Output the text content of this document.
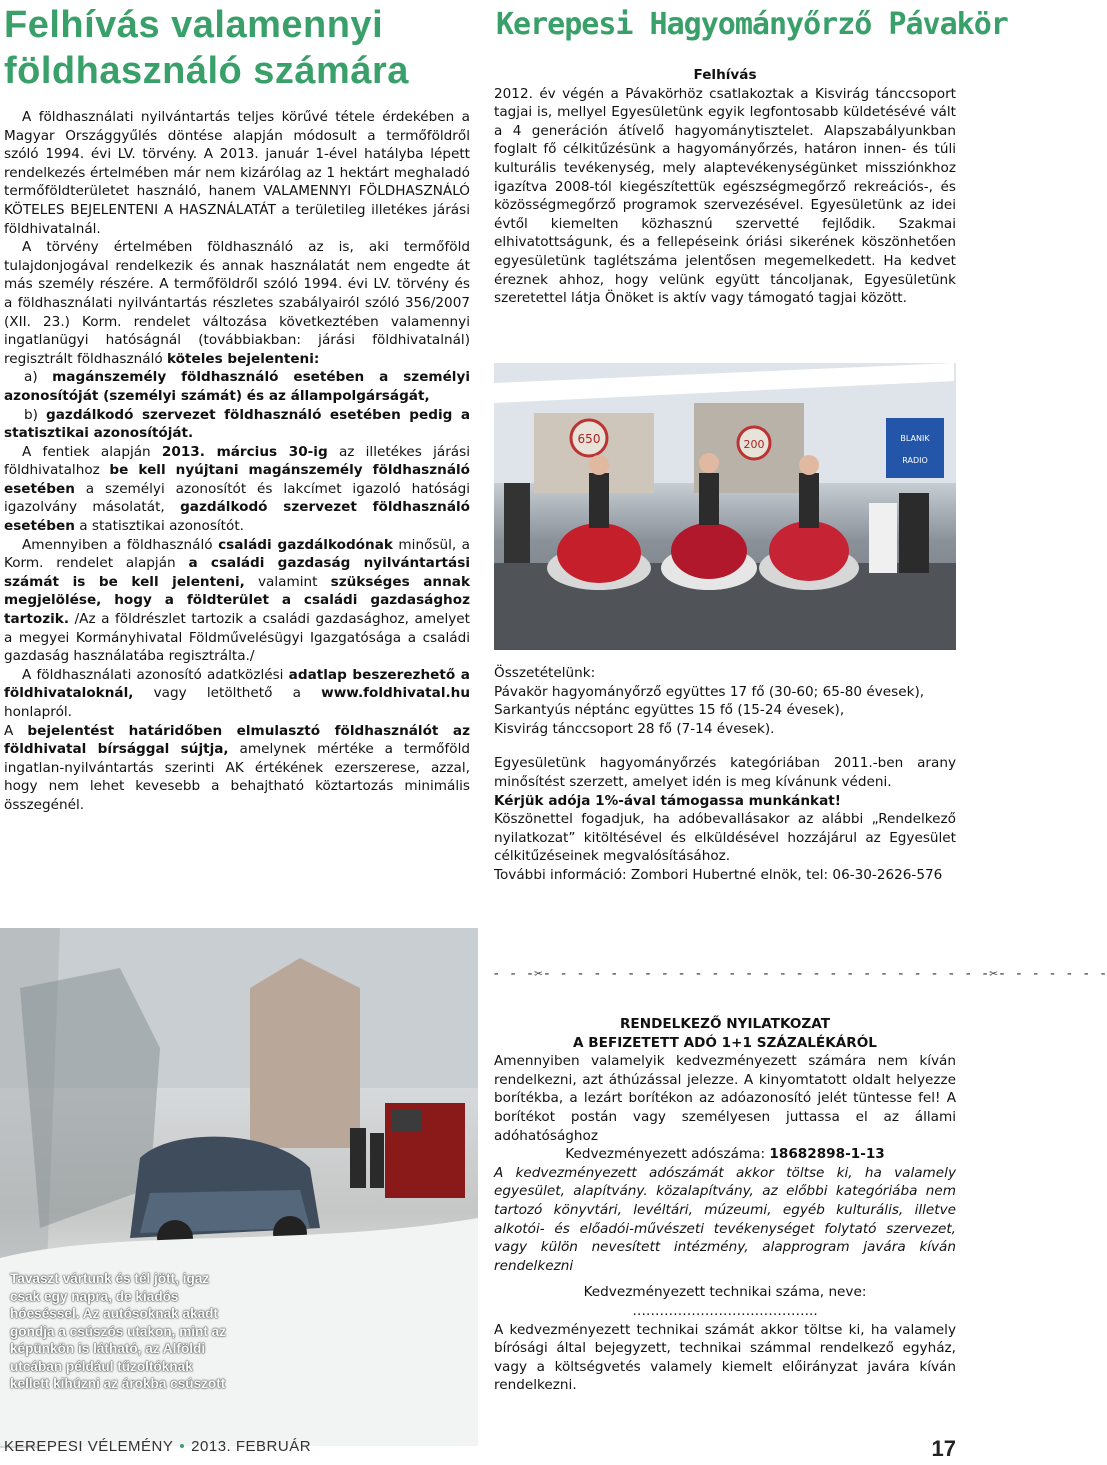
Felhívás valamennyi
földhasználó számára

A földhasználati nyilvántartás teljes körűvé tétele érdekében a Magyar Országgyűlés döntése alapján módosult a termőföldről szóló 1994. évi LV. törvény. A 2013. január 1-ével hatályba lépett rendelkezés értelmében már nem kizárólag az 1 hektárt meghaladó termőföldterületet használó, hanem VALAMENNYI FÖLDHASZNÁLÓ KÖTELES BEJELENTENI A HASZNÁLATÁT a területileg illetékes járási földhivatalnál.

A törvény értelmében földhasználó az is, aki termőföld tulajdonjogával rendelkezik és annak használatát nem engedte át más személy részére. A termőföldről szóló 1994. évi LV. törvény és a földhasználati nyilvántartás részletes szabályairól szóló 356/2007 (XII. 23.) Korm. rendelet változása következtében valamennyi ingatlanügyi hatóságnál (továbbiakban: járási földhivatalnál) regisztrált földhasználó köteles bejelenteni:

a) magánszemély földhasználó esetében a személyi azonosítóját (személyi számát) és az állampolgárságát,

b) gazdálkodó szervezet földhasználó esetében pedig a statisztikai azonosítóját.

A fentiek alapján 2013. március 30-ig az illetékes járási földhivatalhoz be kell nyújtani magánszemély földhasználó esetében a személyi azonosítót és lakcímet igazoló hatósági igazolvány másolatát, gazdálkodó szervezet földhasználó esetében a statisztikai azonosítót.

Amennyiben a földhasználó családi gazdálkodónak minősül, a Korm. rendelet alapján a családi gazdaság nyilvántartási számát is be kell jelenteni, valamint szükséges annak megjelölése, hogy a földterület a családi gazdasághoz tartozik. /Az a földrészlet tartozik a családi gazdasághoz, amelyet a megyei Kormányhivatal Földművelésügyi Igazgatósága a családi gazdaság használatába regisztrálta./

A földhasználati azonosító adatközlési adatlap beszerezhető a földhivataloknál, vagy letölthető a www.foldhivatal.hu honlapról.

A bejelentést határidőben elmulasztó földhasználót az földhivatal bírsággal sújtja, amelynek mértéke a termőföld ingatlan-nyilvántartás szerinti AK értékének ezerszerese, azzal, hogy nem lehet kevesebb a behajtható köztartozás minimális összegénél.

Tavaszt vártunk és tél jött, igaz csak egy napra, de kiadós hóeséssel. Az autósoknak akadt gondja a csúszós utakon, mint az képünkön is látható, az Alföldi utcában például tűzoltóknak kellett kihúzni az árokba csúszott
Kerepesi Hagyományőrző Pávakör

Felhívás

2012. év végén a Pávakörhöz csatlakoztak a Kisvirág tánccsoport tagjai is, mellyel Egyesületünk egyik legfontosabb küldetésévé vált a 4 generáción átívelő hagyománytisztelet. Alapszabályunkban foglalt fő célkitűzésünk a hagyományőrzés, határon innen- és túli kulturális tevékenység, mely alaptevékenységünket missziónkhoz igazítva 2008-tól kiegészítettük egészségmegőrző rekreációs-, és közösségmegőrző programok szervezésével. Egyesületünk az idei évtől kiemelten közhasznú szervetté fejlődik. Szakmai elhivatottságunk, és a fellepéseink óriási sikerének köszönhetően egyesületünk taglétszáma jelentősen megemelkedett. Ha kedvet éreznek ahhoz, hogy velünk együtt táncoljanak, Egyesületünk szeretettel látja Önöket is aktív vagy támogató tagjai között.

650	200	BLANIK
RADIO

Összetételünk:

Pávakör hagyományőrző együttes 17 fő (30-60; 65-80 évesek),

Sarkantyús néptánc együttes 15 fő (15-24 évesek),

Kisvirág tánccsoport 28 fő (7-14 évesek).

Egyesületünk hagyományőrzés kategóriában 2011.-ben arany minősítést szerzett, amelyet idén is meg kívánunk védeni.

Kérjük adója 1%-ával támogassa munkánkat!

Köszönettel fogadjuk, ha adóbevallásakor az alábbi „Rendelkező nyilatkozat” kitöltésével és elküldésével hozzájárul az Egyesület célkitűzéseinek megvalósításához.

További információ: Zombori Hubertné elnök, tel: 06-30-2626-576

- - -✂- - - - - - - - - - - - - - - - - - - - - - - - - - -✂- - - - - - -

RENDELKEZŐ NYILATKOZAT

A BEFIZETETT ADÓ 1+1 SZÁZALÉKÁRÓL

Amennyiben valamelyik kedvezményezett számára nem kíván rendelkezni, azt áthúzással jelezze. A kinyomtatott oldalt helyezze borítékba, a lezárt borítékon az adóazonosító jelét tüntesse fel! A borítékot postán vagy személyesen juttassa el az állami adóhatósághoz

Kedvezményezett adószáma: 18682898-1-13

A kedvezményezett adószámát akkor töltse ki, ha valamely egyesület, alapítvány. közalapítvány, az előbbi kategóriába nem tartozó könyvtári, levéltári, múzeumi, egyéb kulturális, illetve alkotói- és előadói-művészeti tevékenységet folytató szervezet, vagy külön nevesített intézmény, alapprogram javára kíván rendelkezni

Kedvezményezett technikai száma, neve:

…………………………………..

A kedvezményezett technikai számát akkor töltse ki, ha valamely bírósági által bejegyzett, technikai számmal rendelkező egyház, vagy a költségvetés valamely kiemelt előirányzat javára kíván rendelkezni.

KEREPESI VÉLEMÉNY • 2013. FEBRUÁR	17
